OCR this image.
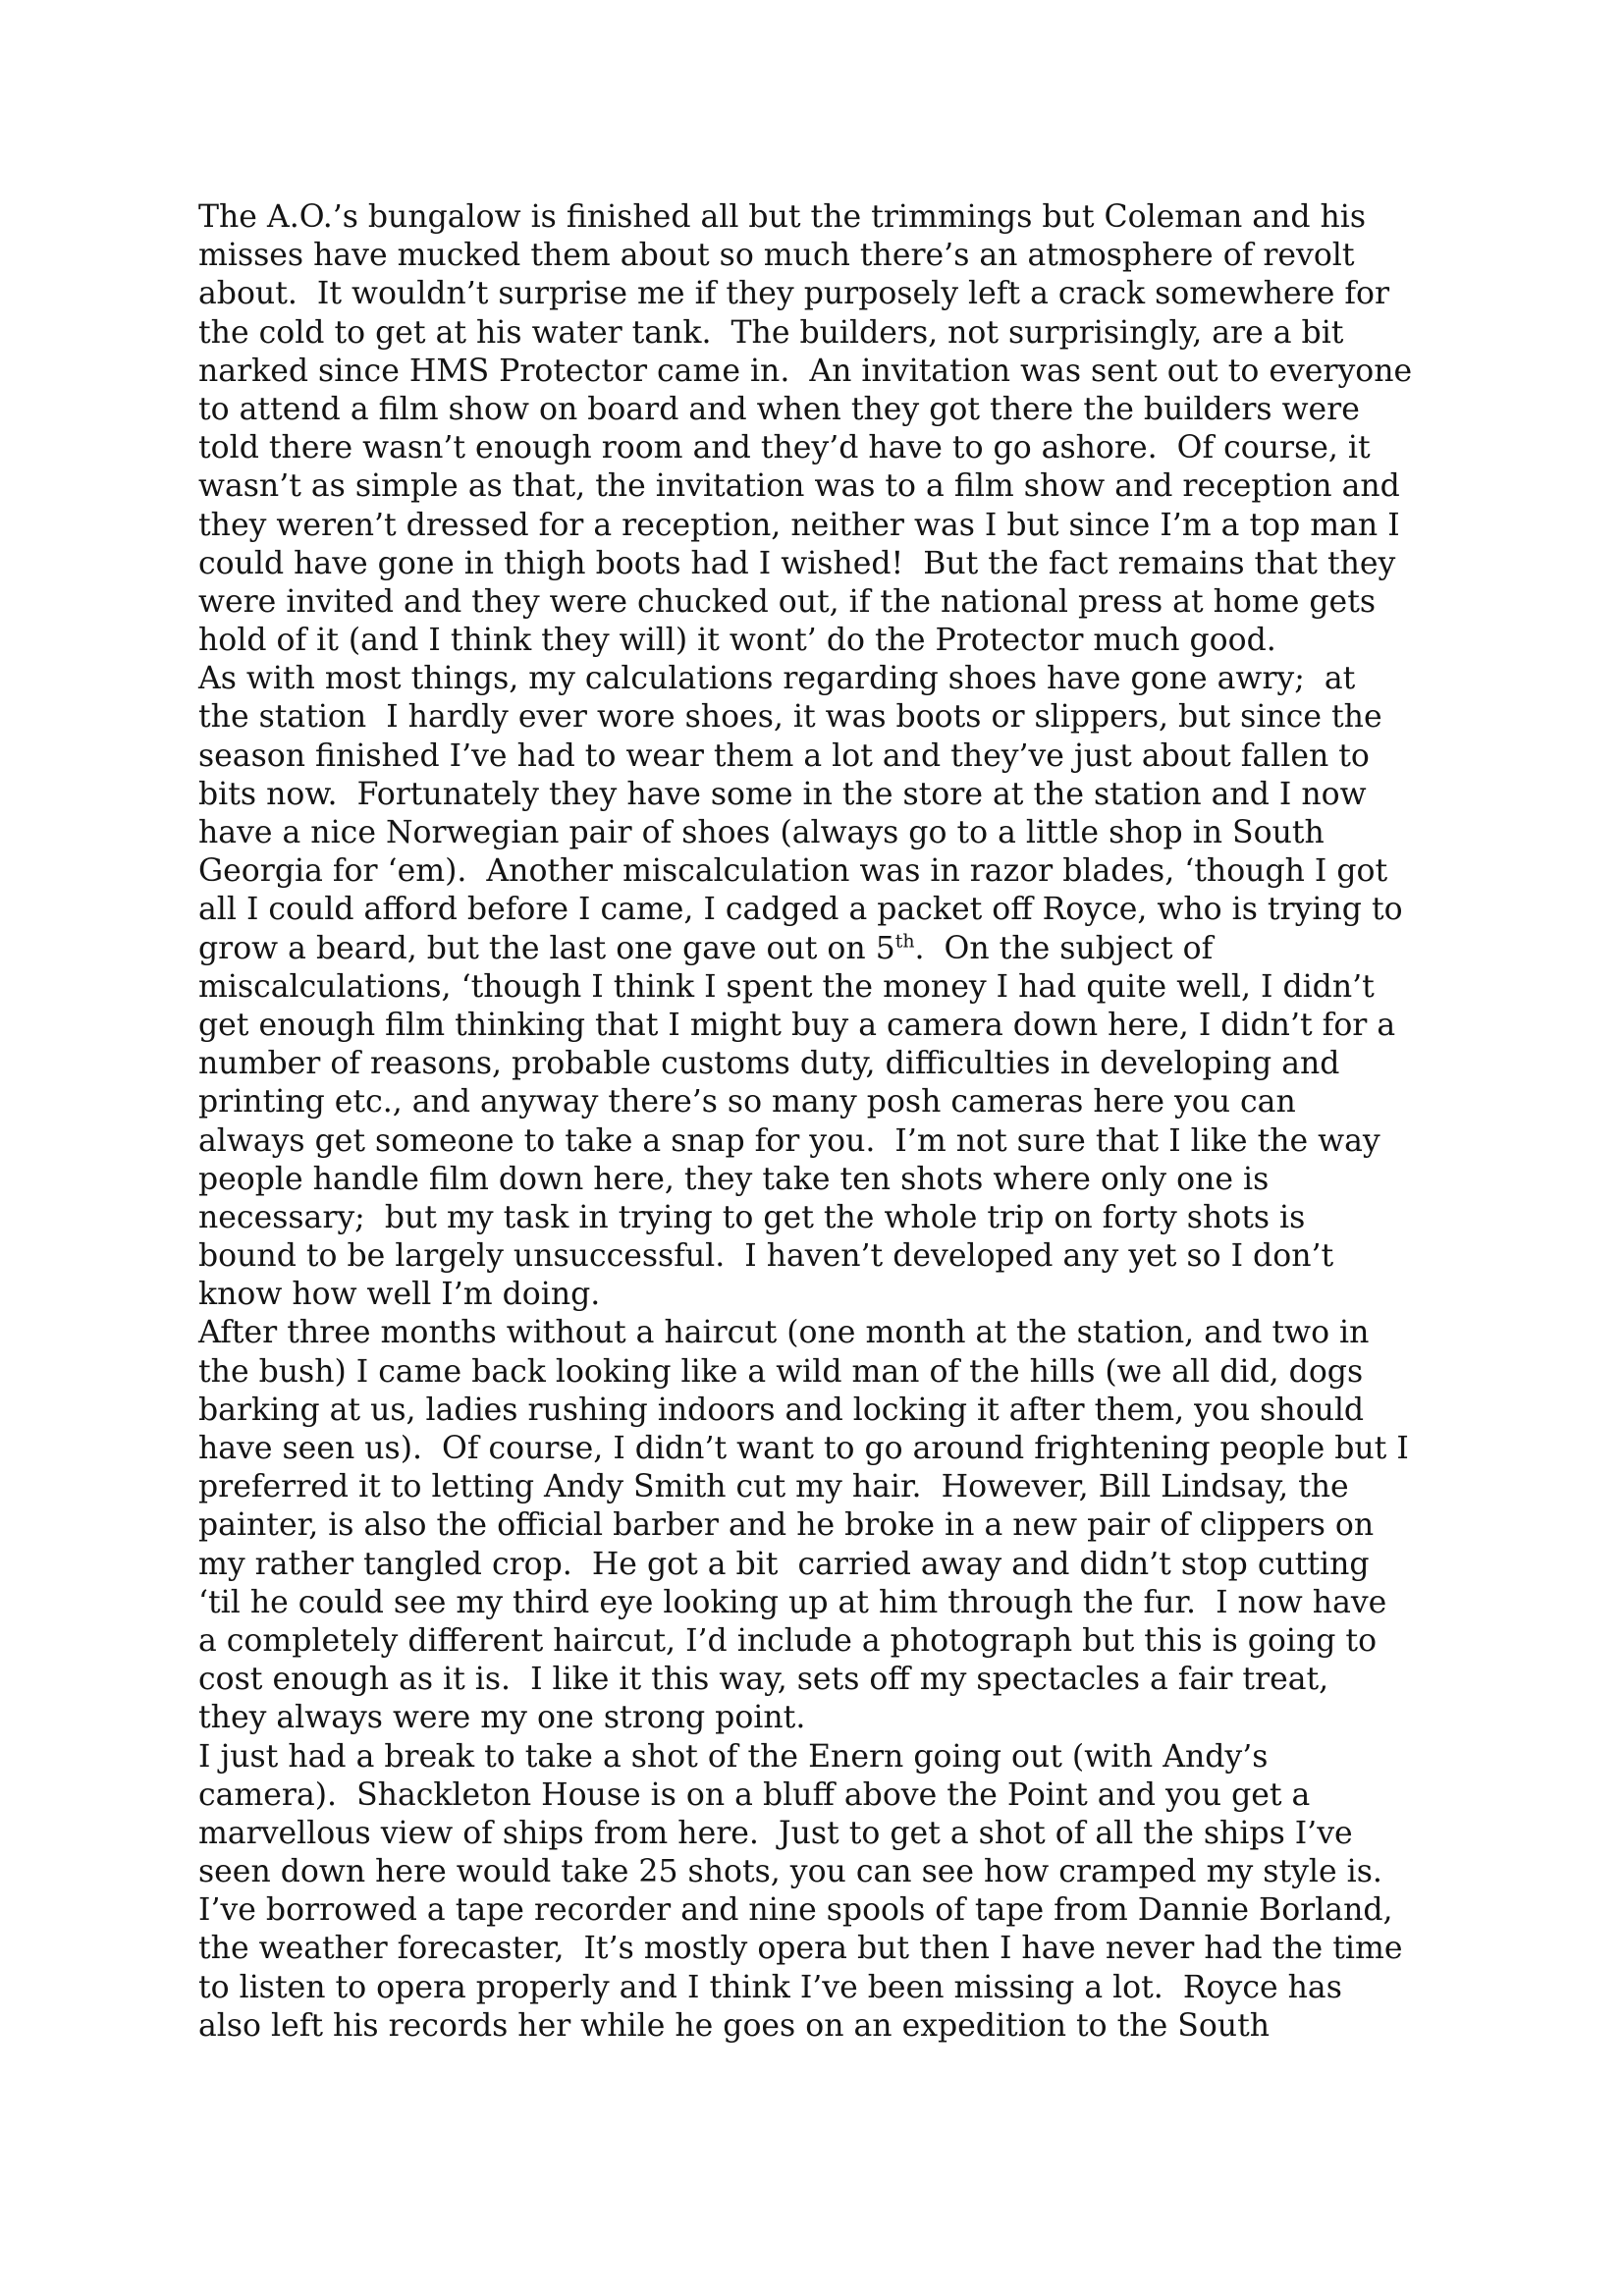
The A.O.’s bungalow is finished all but the trimmings but Coleman and his
misses have mucked them about so much there’s an atmosphere of revolt
about.  It wouldn’t surprise me if they purposely left a crack somewhere for
the cold to get at his water tank.  The builders, not surprisingly, are a bit
narked since HMS Protector came in.  An invitation was sent out to everyone
to attend a film show on board and when they got there the builders were
told there wasn’t enough room and they’d have to go ashore.  Of course, it
wasn’t as simple as that, the invitation was to a film show and reception and
they weren’t dressed for a reception, neither was I but since I’m a top man I
could have gone in thigh boots had I wished!  But the fact remains that they
were invited and they were chucked out, if the national press at home gets
hold of it (and I think they will) it wont’ do the Protector much good.
As with most things, my calculations regarding shoes have gone awry;  at
the station  I hardly ever wore shoes, it was boots or slippers, but since the
season finished I’ve had to wear them a lot and they’ve just about fallen to
bits now.  Fortunately they have some in the store at the station and I now
have a nice Norwegian pair of shoes (always go to a little shop in South
Georgia for ‘em).  Another miscalculation was in razor blades, ‘though I got
all I could afford before I came, I cadged a packet off Royce, who is trying to
grow a beard, but the last one gave out on 5th.  On the subject of
miscalculations, ‘though I think I spent the money I had quite well, I didn’t
get enough film thinking that I might buy a camera down here, I didn’t for a
number of reasons, probable customs duty, difficulties in developing and
printing etc., and anyway there’s so many posh cameras here you can
always get someone to take a snap for you.  I’m not sure that I like the way
people handle film down here, they take ten shots where only one is
necessary;  but my task in trying to get the whole trip on forty shots is
bound to be largely unsuccessful.  I haven’t developed any yet so I don’t
know how well I’m doing.
After three months without a haircut (one month at the station, and two in
the bush) I came back looking like a wild man of the hills (we all did, dogs
barking at us, ladies rushing indoors and locking it after them, you should
have seen us).  Of course, I didn’t want to go around frightening people but I
preferred it to letting Andy Smith cut my hair.  However, Bill Lindsay, the
painter, is also the official barber and he broke in a new pair of clippers on
my rather tangled crop.  He got a bit  carried away and didn’t stop cutting
‘til he could see my third eye looking up at him through the fur.  I now have
a completely different haircut, I’d include a photograph but this is going to
cost enough as it is.  I like it this way, sets off my spectacles a fair treat,
they always were my one strong point.
I just had a break to take a shot of the Enern going out (with Andy’s
camera).  Shackleton House is on a bluff above the Point and you get a
marvellous view of ships from here.  Just to get a shot of all the ships I’ve
seen down here would take 25 shots, you can see how cramped my style is.
I’ve borrowed a tape recorder and nine spools of tape from Dannie Borland,
the weather forecaster,  It’s mostly opera but then I have never had the time
to listen to opera properly and I think I’ve been missing a lot.  Royce has
also left his records her while he goes on an expedition to the South
